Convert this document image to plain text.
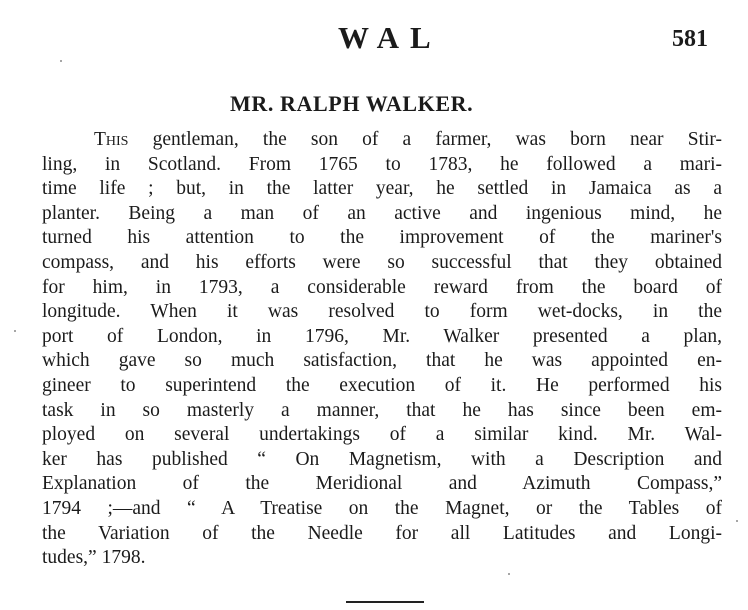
WAL	581
MR. RALPH WALKER.
This gentleman, the son of a farmer, was born near Stir-
ling, in Scotland. From 1765 to 1783, he followed a mari-
time life ; but, in the latter year, he settled in Jamaica as a
planter. Being a man of an active and ingenious mind, he
turned his attention to the improvement of the mariner's
compass, and his efforts were so successful that they obtained
for him, in 1793, a considerable reward from the board of
longitude. When it was resolved to form wet-docks, in the
port of London, in 1796, Mr. Walker presented a plan,
which gave so much satisfaction, that he was appointed en-
gineer to superintend the execution of it. He performed his
task in so masterly a manner, that he has since been em-
ployed on several undertakings of a similar kind. Mr. Wal-
ker has published “ On Magnetism, with a Description and
Explanation of the Meridional and Azimuth Compass,”
1794 ;—and “ A Treatise on the Magnet, or the Tables of
the Variation of the Needle for all Latitudes and Longi-
tudes,” 1798.
